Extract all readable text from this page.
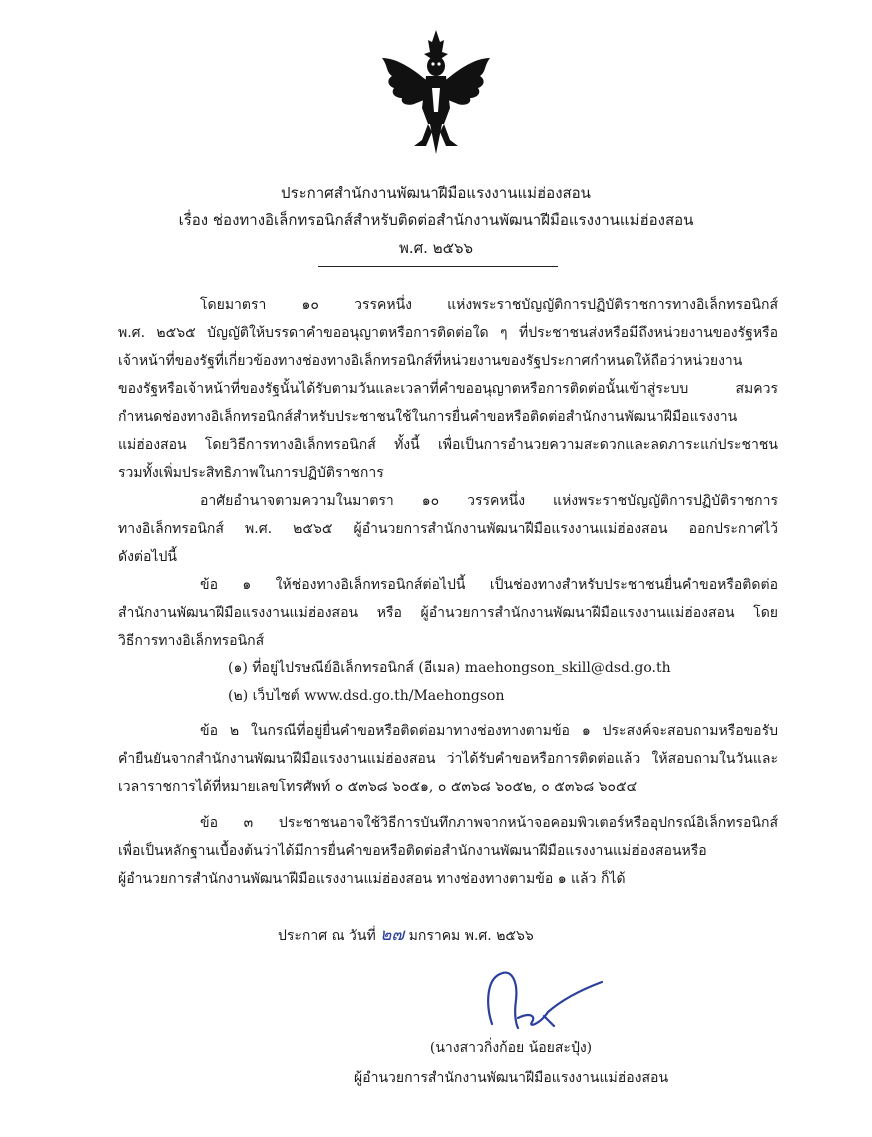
ประกาศสำนักงานพัฒนาฝีมือแรงงานแม่ฮ่องสอน
เรื่อง ช่องทางอิเล็กทรอนิกส์สำหรับติดต่อสำนักงานพัฒนาฝีมือแรงงานแม่ฮ่องสอน
พ.ศ. ๒๕๖๖
โดยมาตรา ๑๐ วรรคหนึ่ง แห่งพระราชบัญญัติการปฏิบัติราชการทางอิเล็กทรอนิกส์
พ.ศ. ๒๕๖๕ บัญญัติให้บรรดาคำขออนุญาตหรือการติดต่อใด ๆ ที่ประชาชนส่งหรือมีถึงหน่วยงานของรัฐหรือ
เจ้าหน้าที่ของรัฐที่เกี่ยวข้องทางช่องทางอิเล็กทรอนิกส์ที่หน่วยงานของรัฐประกาศกำหนดให้ถือว่าหน่วยงาน
ของรัฐหรือเจ้าหน้าที่ของรัฐนั้นได้รับตามวันและเวลาที่คำขออนุญาตหรือการติดต่อนั้นเข้าสู่ระบบ สมควร
กำหนดช่องทางอิเล็กทรอนิกส์สำหรับประชาชนใช้ในการยื่นคำขอหรือติดต่อสำนักงานพัฒนาฝีมือแรงงาน
แม่ฮ่องสอน โดยวิธีการทางอิเล็กทรอนิกส์ ทั้งนี้ เพื่อเป็นการอำนวยความสะดวกและลดภาระแก่ประชาชน
รวมทั้งเพิ่มประสิทธิภาพในการปฏิบัติราชการ
อาศัยอำนาจตามความในมาตรา ๑๐ วรรคหนึ่ง แห่งพระราชบัญญัติการปฏิบัติราชการ
ทางอิเล็กทรอนิกส์ พ.ศ. ๒๕๖๕ ผู้อำนวยการสำนักงานพัฒนาฝีมือแรงงานแม่ฮ่องสอน ออกประกาศไว้
ดังต่อไปนี้
ข้อ ๑ ให้ช่องทางอิเล็กทรอนิกส์ต่อไปนี้ เป็นช่องทางสำหรับประชาชนยื่นคำขอหรือติดต่อ
สำนักงานพัฒนาฝีมือแรงงานแม่ฮ่องสอน หรือ ผู้อำนวยการสำนักงานพัฒนาฝีมือแรงงานแม่ฮ่องสอน โดย
วิธีการทางอิเล็กทรอนิกส์
(๑) ที่อยู่ไปรษณีย์อิเล็กทรอนิกส์ (อีเมล) maehongson_skill@dsd.go.th
(๒) เว็บไซต์ www.dsd.go.th/Maehongson
ข้อ ๒ ในกรณีที่อยู่ยื่นคำขอหรือติดต่อมาทางช่องทางตามข้อ ๑ ประสงค์จะสอบถามหรือขอรับ
คำยืนยันจากสำนักงานพัฒนาฝีมือแรงงานแม่ฮ่องสอน ว่าได้รับคำขอหรือการติดต่อแล้ว ให้สอบถามในวันและ
เวลาราชการได้ที่หมายเลขโทรศัพท์ ๐ ๕๓๖๘ ๖๐๕๑, ๐ ๕๓๖๘ ๖๐๕๒, ๐ ๕๓๖๘ ๖๐๕๔
ข้อ ๓ ประชาชนอาจใช้วิธีการบันทึกภาพจากหน้าจอคอมพิวเตอร์หรืออุปกรณ์อิเล็กทรอนิกส์
เพื่อเป็นหลักฐานเบื้องต้นว่าได้มีการยื่นคำขอหรือติดต่อสำนักงานพัฒนาฝีมือแรงงานแม่ฮ่องสอนหรือ
ผู้อำนวยการสำนักงานพัฒนาฝีมือแรงงานแม่ฮ่องสอน ทางช่องทางตามข้อ ๑ แล้ว ก็ได้
ประกาศ ณ วันที่ ๒๗ มกราคม พ.ศ. ๒๕๖๖
(นางสาวกิ่งก้อย น้อยสะปุ๋ง)
ผู้อำนวยการสำนักงานพัฒนาฝีมือแรงงานแม่ฮ่องสอน
